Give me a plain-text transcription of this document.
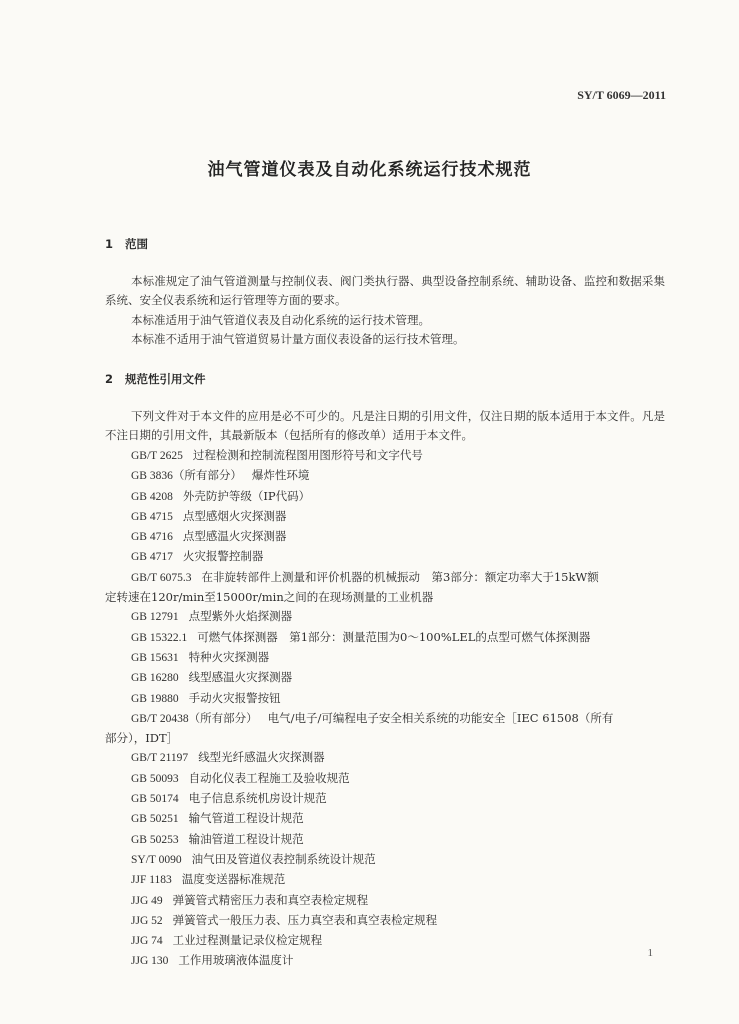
SY/T 6069—2011
油气管道仪表及自动化系统运行技术规范
1 范围
本标准规定了油气管道测量与控制仪表、阀门类执行器、典型设备控制系统、辅助设备、监控和数据采集系统、安全仪表系统和运行管理等方面的要求。
本标准适用于油气管道仪表及自动化系统的运行技术管理。
本标准不适用于油气管道贸易计量方面仪表设备的运行技术管理。
2 规范性引用文件
下列文件对于本文件的应用是必不可少的。凡是注日期的引用文件，仅注日期的版本适用于本文件。凡是不注日期的引用文件，其最新版本（包括所有的修改单）适用于本文件。
GB/T 2625 过程检测和控制流程图用图形符号和文字代号
GB 3836（所有部分） 爆炸性环境
GB 4208 外壳防护等级（IP代码）
GB 4715 点型感烟火灾探测器
GB 4716 点型感温火灾探测器
GB 4717 火灾报警控制器
GB/T 6075.3 在非旋转部件上测量和评价机器的机械振动　第3部分：额定功率大于15kW额
定转速在120r/min至15000r/min之间的在现场测量的工业机器
GB 12791 点型紫外火焰探测器
GB 15322.1 可燃气体探测器　第1部分：测量范围为0～100%LEL的点型可燃气体探测器
GB 15631 特种火灾探测器
GB 16280 线型感温火灾探测器
GB 19880 手动火灾报警按钮
GB/T 20438（所有部分） 电气/电子/可编程电子安全相关系统的功能安全［IEC 61508（所有
部分），IDT］
GB/T 21197 线型光纤感温火灾探测器
GB 50093 自动化仪表工程施工及验收规范
GB 50174 电子信息系统机房设计规范
GB 50251 输气管道工程设计规范
GB 50253 输油管道工程设计规范
SY/T 0090 油气田及管道仪表控制系统设计规范
JJF 1183 温度变送器标准规范
JJG 49 弹簧管式精密压力表和真空表检定规程
JJG 52 弹簧管式一般压力表、压力真空表和真空表检定规程
JJG 74 工业过程测量记录仪检定规程
JJG 130 工作用玻璃液体温度计
1
